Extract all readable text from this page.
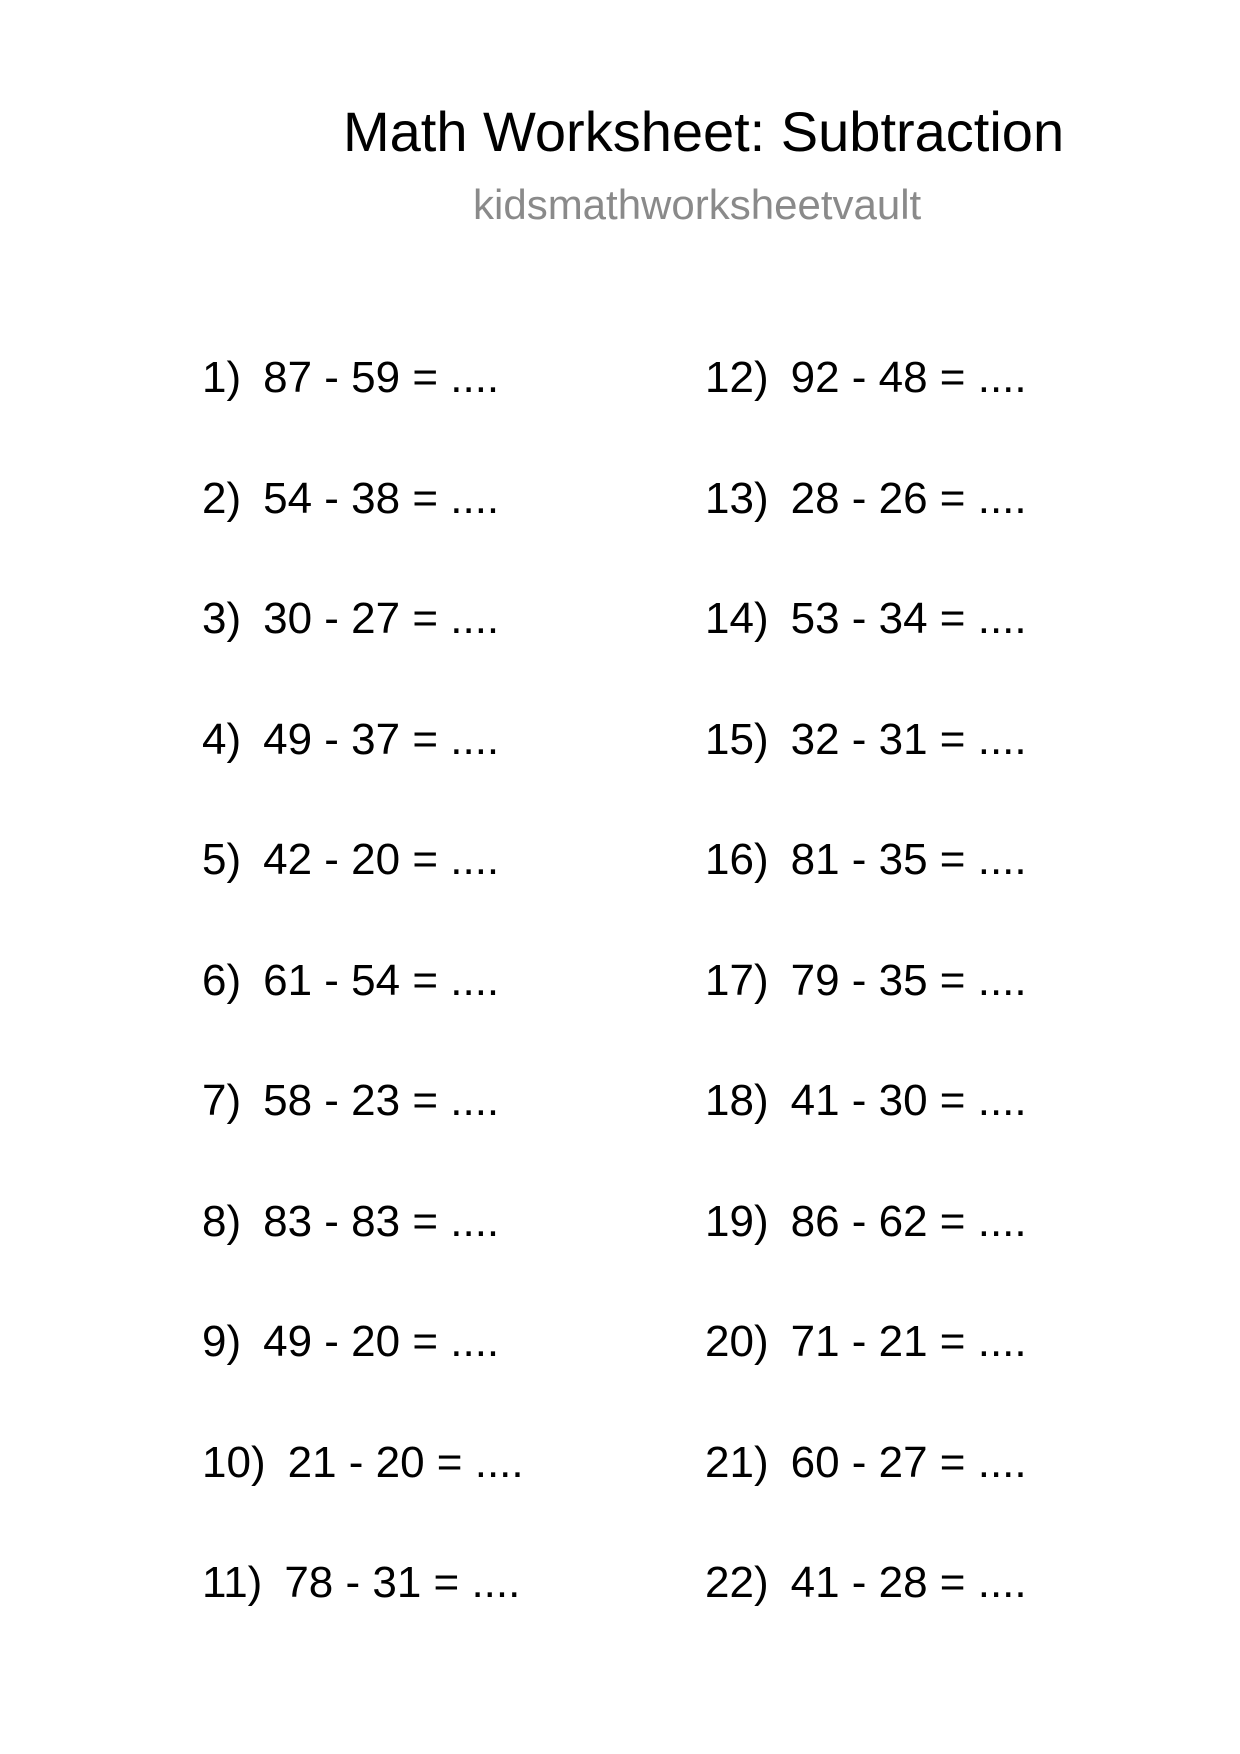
Math Worksheet: Subtraction
kidsmathworksheetvault
1) 87 - 59 = ....
2) 54 - 38 = ....
3) 30 - 27 = ....
4) 49 - 37 = ....
5) 42 - 20 = ....
6) 61 - 54 = ....
7) 58 - 23 = ....
8) 83 - 83 = ....
9) 49 - 20 = ....
10) 21 - 20 = ....
11) 78 - 31 = ....
12) 92 - 48 = ....
13) 28 - 26 = ....
14) 53 - 34 = ....
15) 32 - 31 = ....
16) 81 - 35 = ....
17) 79 - 35 = ....
18) 41 - 30 = ....
19) 86 - 62 = ....
20) 71 - 21 = ....
21) 60 - 27 = ....
22) 41 - 28 = ....
